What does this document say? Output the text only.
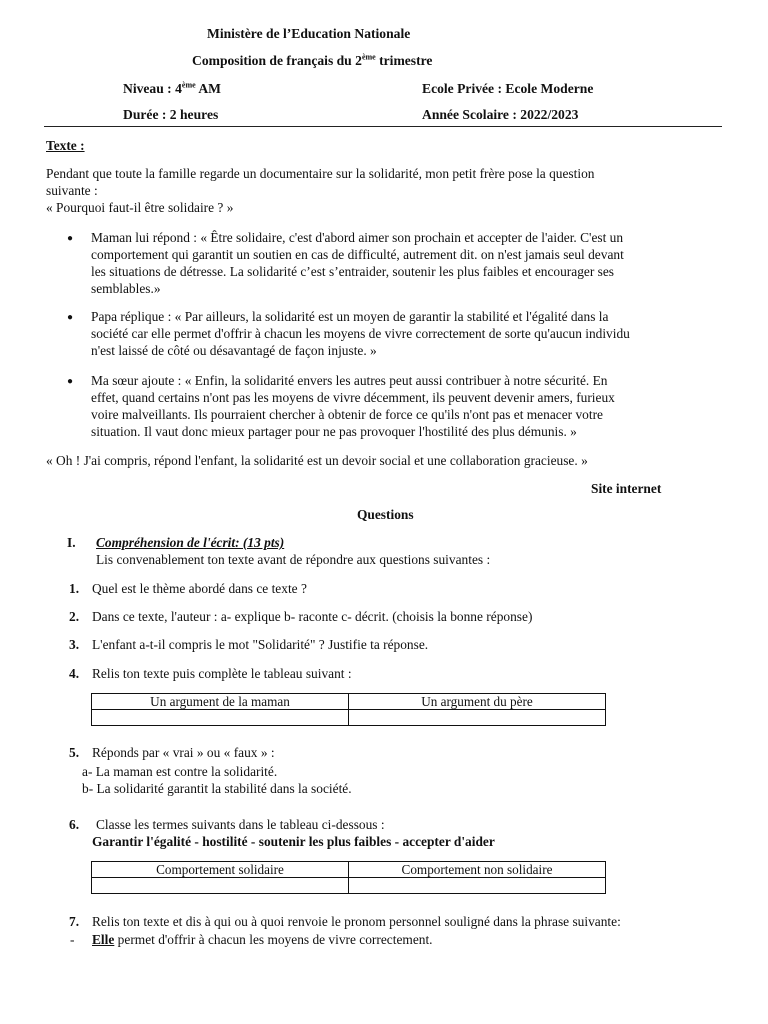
Ministère de l’Education Nationale
Composition de français du 2ème trimestre
Niveau : 4ème AM	Ecole Privée : Ecole Moderne
Durée : 2 heures	Année Scolaire : 2022/2023
Texte :
Pendant que toute la famille regarde un documentaire sur la solidarité, mon petit frère pose la question
suivante :
« Pourquoi faut-il être solidaire ? »
● Maman lui répond : « Être solidaire, c'est d'abord aimer son prochain et accepter de l'aider. C'est un
comportement qui garantit un soutien en cas de difficulté, autrement dit. on n'est jamais seul devant
les situations de détresse. La solidarité c’est s’entraider, soutenir les plus faibles et encourager ses
semblables.»
● Papa réplique : « Par ailleurs, la solidarité est un moyen de garantir la stabilité et l'égalité dans la
société car elle permet d'offrir à chacun les moyens de vivre correctement de sorte qu'aucun individu
n'est laissé de côté ou désavantagé de façon injuste. »
● Ma sœur ajoute : « Enfin, la solidarité envers les autres peut aussi contribuer à notre sécurité. En
effet, quand certains n'ont pas les moyens de vivre décemment, ils peuvent devenir amers, furieux
voire malveillants. Ils pourraient chercher à obtenir de force ce qu'ils n'ont pas et menacer votre
situation. Il vaut donc mieux partager pour ne pas provoquer l'hostilité des plus démunis. »
« Oh ! J'ai compris, répond l'enfant, la solidarité est un devoir social et une collaboration gracieuse. »
Site internet
Questions
I. Compréhension de l'écrit: (13 pts)
Lis convenablement ton texte avant de répondre aux questions suivantes :
1. Quel est le thème abordé dans ce texte ?
2. Dans ce texte, l'auteur : a- explique b- raconte c- décrit. (choisis la bonne réponse)
3. L'enfant a-t-il compris le mot "Solidarité" ? Justifie ta réponse.
4. Relis ton texte puis complète le tableau suivant :
Un argument de la maman	Un argument du père

5. Réponds par « vrai » ou « faux » :
a- La maman est contre la solidarité.
b- La solidarité garantit la stabilité dans la société.
6. Classe les termes suivants dans le tableau ci-dessous :
Garantir l'égalité - hostilité - soutenir les plus faibles - accepter d'aider
Comportement solidaire	Comportement non solidaire

7. Relis ton texte et dis à qui ou à quoi renvoie le pronom personnel souligné dans la phrase suivante:
- Elle permet d'offrir à chacun les moyens de vivre correctement.
